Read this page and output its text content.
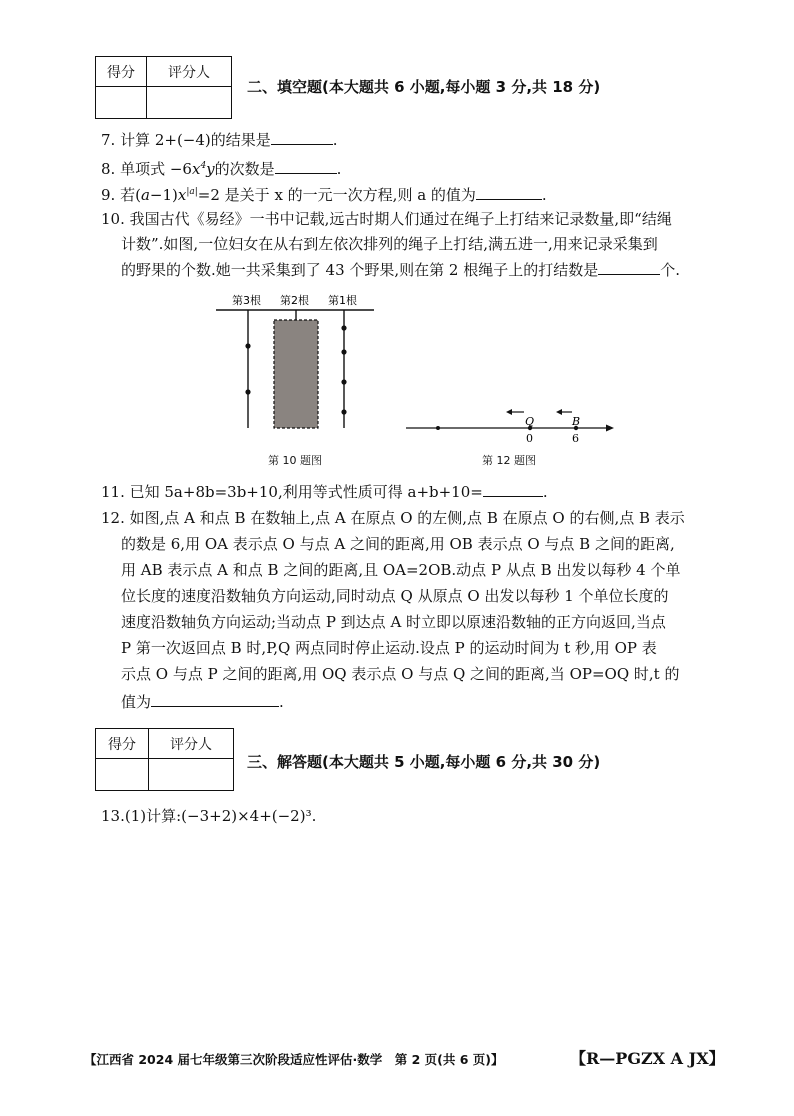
得分	评分人

二、填空题(本大题共 6 小题,每小题 3 分,共 18 分)
7. 计算 2+(−4)的结果是	.
8. 单项式 $-6x^4y$的次数是	.
9. 若$(a-1)x^{|a|}=2$ 是关于 x 的一元一次方程,则 a 的值为	.
10. 我国古代《易经》一书中记载,远古时期人们通过在绳子上打结来记录数量,即“结绳
计数”.如图,一位妇女在从右到左依次排列的绳子上打结,满五进一,用来记录采集到
的野果的个数.她一共采集到了 43 个野果,则在第 2 根绳子上的打结数是	个.
第3根 第2根 第1根
第 10 题图
Q	B
0	6
第 12 题图
11. 已知 5a+8b=3b+10,利用等式性质可得 a+b+10=	.
12. 如图,点 A 和点 B 在数轴上,点 A 在原点 O 的左侧,点 B 在原点 O 的右侧,点 B 表示
的数是 6,用 OA 表示点 O 与点 A 之间的距离,用 OB 表示点 O 与点 B 之间的距离,
用 AB 表示点 A 和点 B 之间的距离,且 OA=2OB.动点 P 从点 B 出发以每秒 4 个单
位长度的速度沿数轴负方向运动,同时动点 Q 从原点 O 出发以每秒 1 个单位长度的
速度沿数轴负方向运动;当动点 P 到达点 A 时立即以原速沿数轴的正方向返回,当点
P 第一次返回点 B 时,P,Q 两点同时停止运动.设点 P 的运动时间为 t 秒,用 OP 表
示点 O 与点 P 之间的距离,用 OQ 表示点 O 与点 Q 之间的距离,当 OP=OQ 时,t 的
值为	.
得分	评分人

三、解答题(本大题共 5 小题,每小题 6 分,共 30 分)
13.(1)计算:(−3+2)×4+(−2)³.
【江西省 2024 届七年级第三次阶段适应性评估·数学　第 2 页(共 6 页)】	【R—PGZX A JX】
